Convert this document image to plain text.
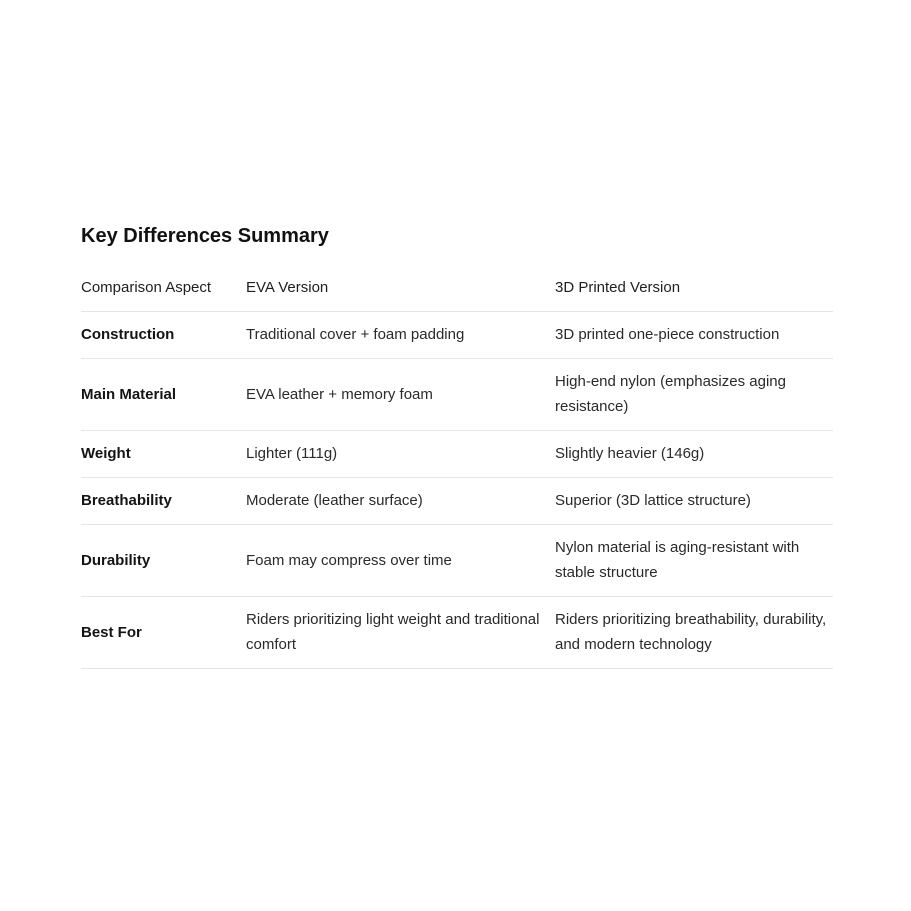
Key Differences Summary
Comparison Aspect	EVA Version	3D Printed Version
Construction	Traditional cover + foam padding	3D printed one-piece construction
Main Material	EVA leather + memory foam	High-end nylon (emphasizes aging resistance)
Weight	Lighter (111g)	Slightly heavier (146g)
Breathability	Moderate (leather surface)	Superior (3D lattice structure)
Durability	Foam may compress over time	Nylon material is aging-resistant with stable structure
Best For	Riders prioritizing light weight and traditional comfort	Riders prioritizing breathability, durability, and modern technology
